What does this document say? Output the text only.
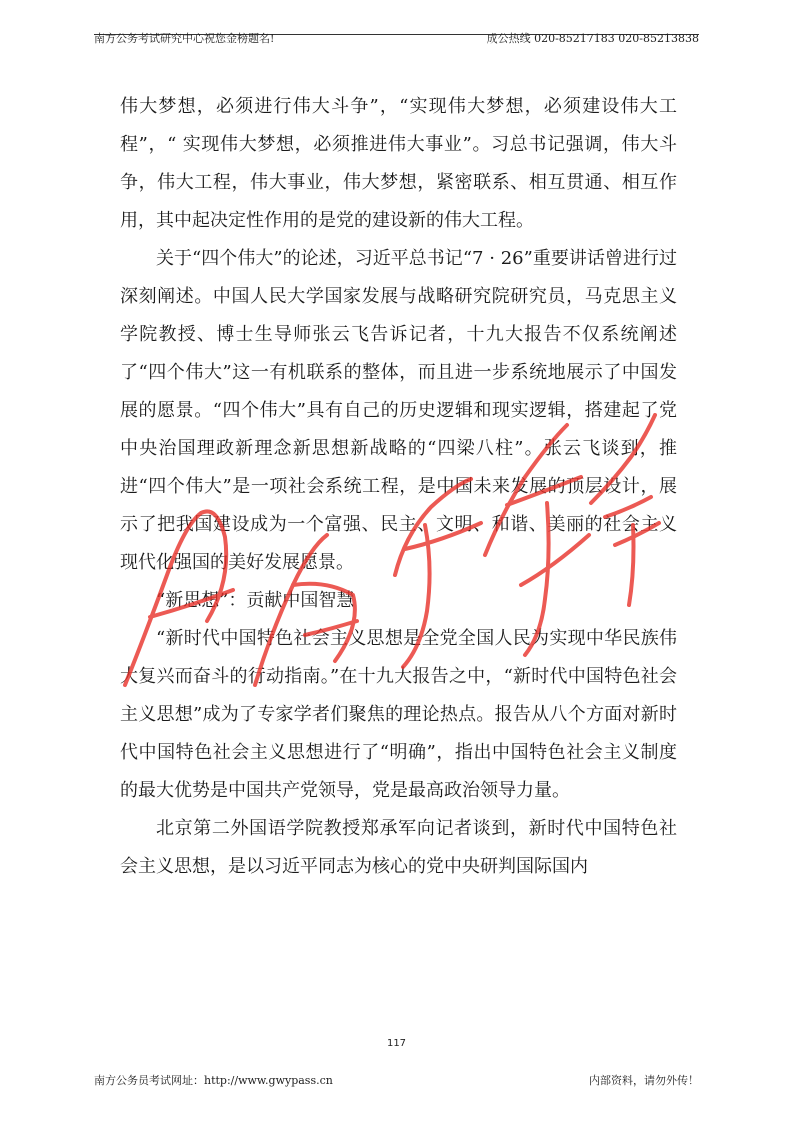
南方公务考试研究中心祝您金榜题名!	成公热线 020-85217183 020-85213838

伟大梦想，必须进行伟大斗争”，“实现伟大梦想，必须建设伟大工程”，“ 实现伟大梦想，必须推进伟大事业”。习总书记强调，伟大斗争，伟大工程，伟大事业，伟大梦想，紧密联系、相互贯通、相互作用，其中起决定性作用的是党的建设新的伟大工程。

关于“四个伟大”的论述，习近平总书记“7 · 26”重要讲话曾进行过深刻阐述。中国人民大学国家发展与战略研究院研究员，马克思主义学院教授、博士生导师张云飞告诉记者，十九大报告不仅系统阐述了“四个伟大”这一有机联系的整体，而且进一步系统地展示了中国发展的愿景。“四个伟大”具有自己的历史逻辑和现实逻辑，搭建起了党中央治国理政新理念新思想新战略的“四梁八柱”。张云飞谈到，推进“四个伟大”是一项社会系统工程，是中国未来发展的顶层设计，展示了把我国建设成为一个富强、民主、文明、和谐、美丽的社会主义现代化强国的美好发展愿景。

“新思想”：贡献中国智慧

“新时代中国特色社会主义思想是全党全国人民为实现中华民族伟大复兴而奋斗的行动指南。”在十九大报告之中，“新时代中国特色社会主义思想”成为了专家学者们聚焦的理论热点。报告从八个方面对新时代中国特色社会主义思想进行了“明确”，指出中国特色社会主义制度的最大优势是中国共产党领导，党是最高政治领导力量。

北京第二外国语学院教授郑承军向记者谈到，新时代中国特色社会主义思想，是以习近平同志为核心的党中央研判国际国内

117
南方公务员考试网址：http://www.gwypass.cn	内部资料，请勿外传！
